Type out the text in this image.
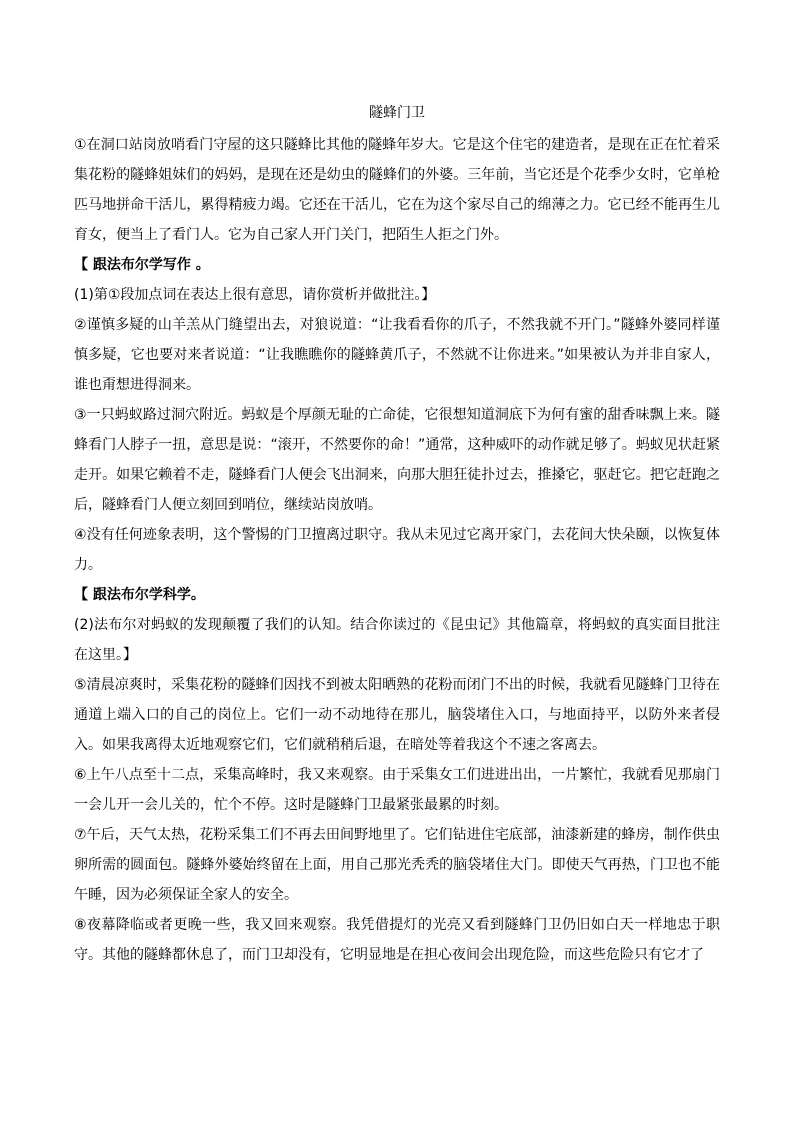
隧蜂门卫

①在洞口站岗放哨看门守屋的这只隧蜂比其他的隧蜂年岁大。它是这个住宅的建造者，是现在正在忙着采集花粉的隧蜂姐妹们的妈妈，是现在还是幼虫的隧蜂们的外婆。三年前，当它还是个花季少女时，它单枪匹马地拼命干活儿，累得精疲力竭。它还在干活儿，它在为这个家尽自己的绵薄之力。它已经不能再生儿育女，便当上了看门人。它为自己家人开门关门，把陌生人拒之门外。

【 跟法布尔学写作 。

(1)第①段加点词在表达上很有意思，请你赏析并做批注。】

②谨慎多疑的山羊羔从门缝望出去，对狼说道：“让我看看你的爪子，不然我就不开门。”隧蜂外婆同样谨慎多疑，它也要对来者说道：“让我瞧瞧你的隧蜂黄爪子，不然就不让你进来。”如果被认为并非自家人，谁也甭想进得洞来。

③一只蚂蚁路过洞穴附近。蚂蚁是个厚颜无耻的亡命徒，它很想知道洞底下为何有蜜的甜香味飘上来。隧蜂看门人脖子一扭，意思是说：“滚开，不然要你的命！”通常，这种威吓的动作就足够了。蚂蚁见状赶紧走开。如果它赖着不走，隧蜂看门人便会飞出洞来，向那大胆狂徒扑过去，推搡它，驱赶它。把它赶跑之后，隧蜂看门人便立刻回到哨位，继续站岗放哨。

④没有任何迹象表明，这个警惕的门卫擅离过职守。我从未见过它离开家门，去花间大快朵颐，以恢复体力。

【 跟法布尔学科学。

(2)法布尔对蚂蚁的发现颠覆了我们的认知。结合你读过的《昆虫记》其他篇章，将蚂蚁的真实面目批注在这里。】

⑤清晨凉爽时，采集花粉的隧蜂们因找不到被太阳晒熟的花粉而闭门不出的时候，我就看见隧蜂门卫待在通道上端入口的自己的岗位上。它们一动不动地待在那儿，脑袋堵住入口，与地面持平，以防外来者侵入。如果我离得太近地观察它们，它们就稍稍后退，在暗处等着我这个不速之客离去。

⑥上午八点至十二点，采集高峰时，我又来观察。由于采集女工们进进出出，一片繁忙，我就看见那扇门一会儿开一会儿关的，忙个不停。这时是隧蜂门卫最紧张最累的时刻。

⑦午后，天气太热，花粉采集工们不再去田间野地里了。它们钻进住宅底部，油漆新建的蜂房，制作供虫卵所需的圆面包。隧蜂外婆始终留在上面，用自己那光秃秃的脑袋堵住大门。即使天气再热，门卫也不能午睡，因为必须保证全家人的安全。

⑧夜幕降临或者更晚一些，我又回来观察。我凭借提灯的光亮又看到隧蜂门卫仍旧如白天一样地忠于职守。其他的隧蜂都休息了，而门卫却没有，它明显地是在担心夜间会出现危险，而这些危险只有它才了
